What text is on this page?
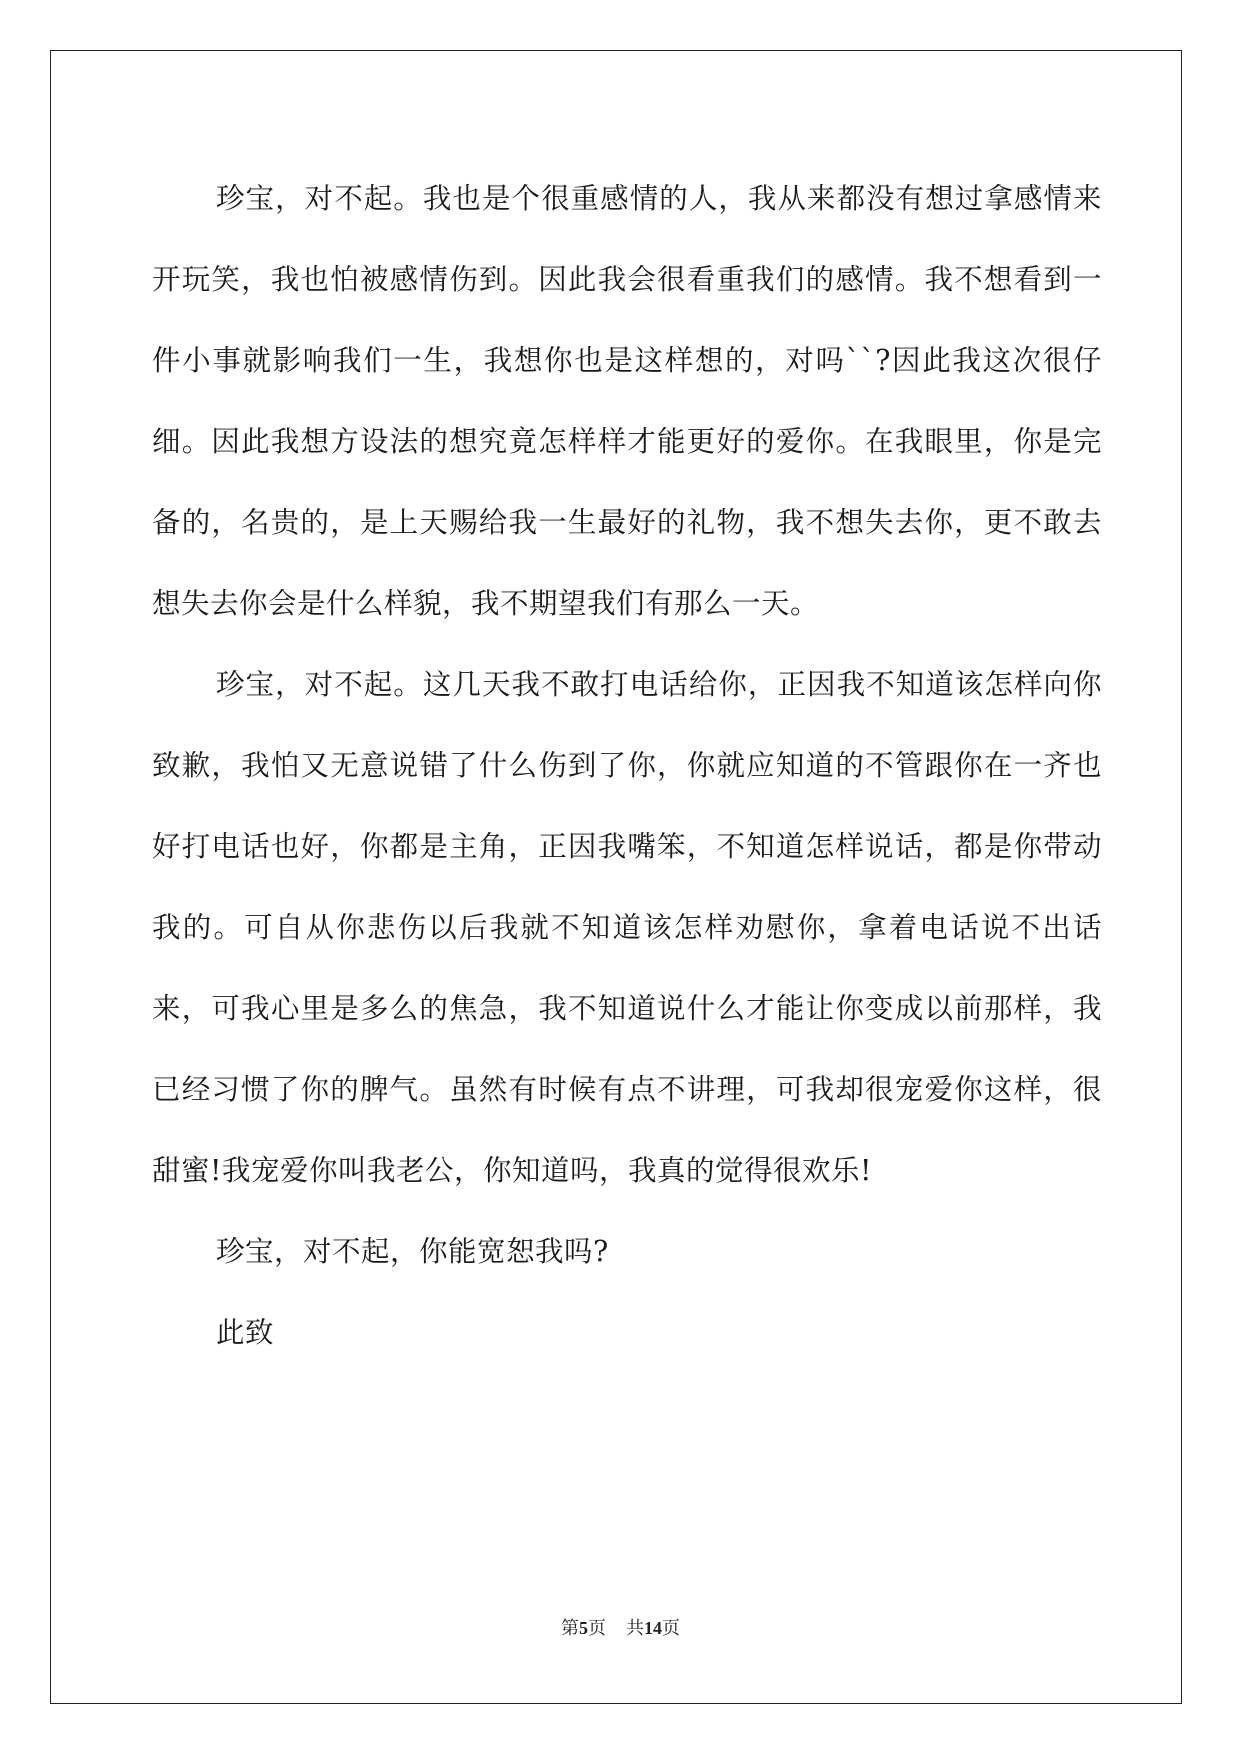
珍宝，对不起。我也是个很重感情的人，我从来都没有想过拿感情来开玩笑，我也怕被感情伤到。因此我会很看重我们的感情。我不想看到一件小事就影响我们一生，我想你也是这样想的，对吗``?因此我这次很仔细。因此我想方设法的想究竟怎样样才能更好的爱你。在我眼里，你是完备的，名贵的，是上天赐给我一生最好的礼物，我不想失去你，更不敢去想失去你会是什么样貌，我不期望我们有那么一天。

珍宝，对不起。这几天我不敢打电话给你，正因我不知道该怎样向你致歉，我怕又无意说错了什么伤到了你，你就应知道的不管跟你在一齐也好打电话也好，你都是主角，正因我嘴笨，不知道怎样说话，都是你带动我的。可自从你悲伤以后我就不知道该怎样劝慰你，拿着电话说不出话来，可我心里是多么的焦急，我不知道说什么才能让你变成以前那样，我已经习惯了你的脾气。虽然有时候有点不讲理，可我却很宠爱你这样，很甜蜜!我宠爱你叫我老公，你知道吗，我真的觉得很欢乐!

珍宝，对不起，你能宽恕我吗?

此致

第5页 共14页
